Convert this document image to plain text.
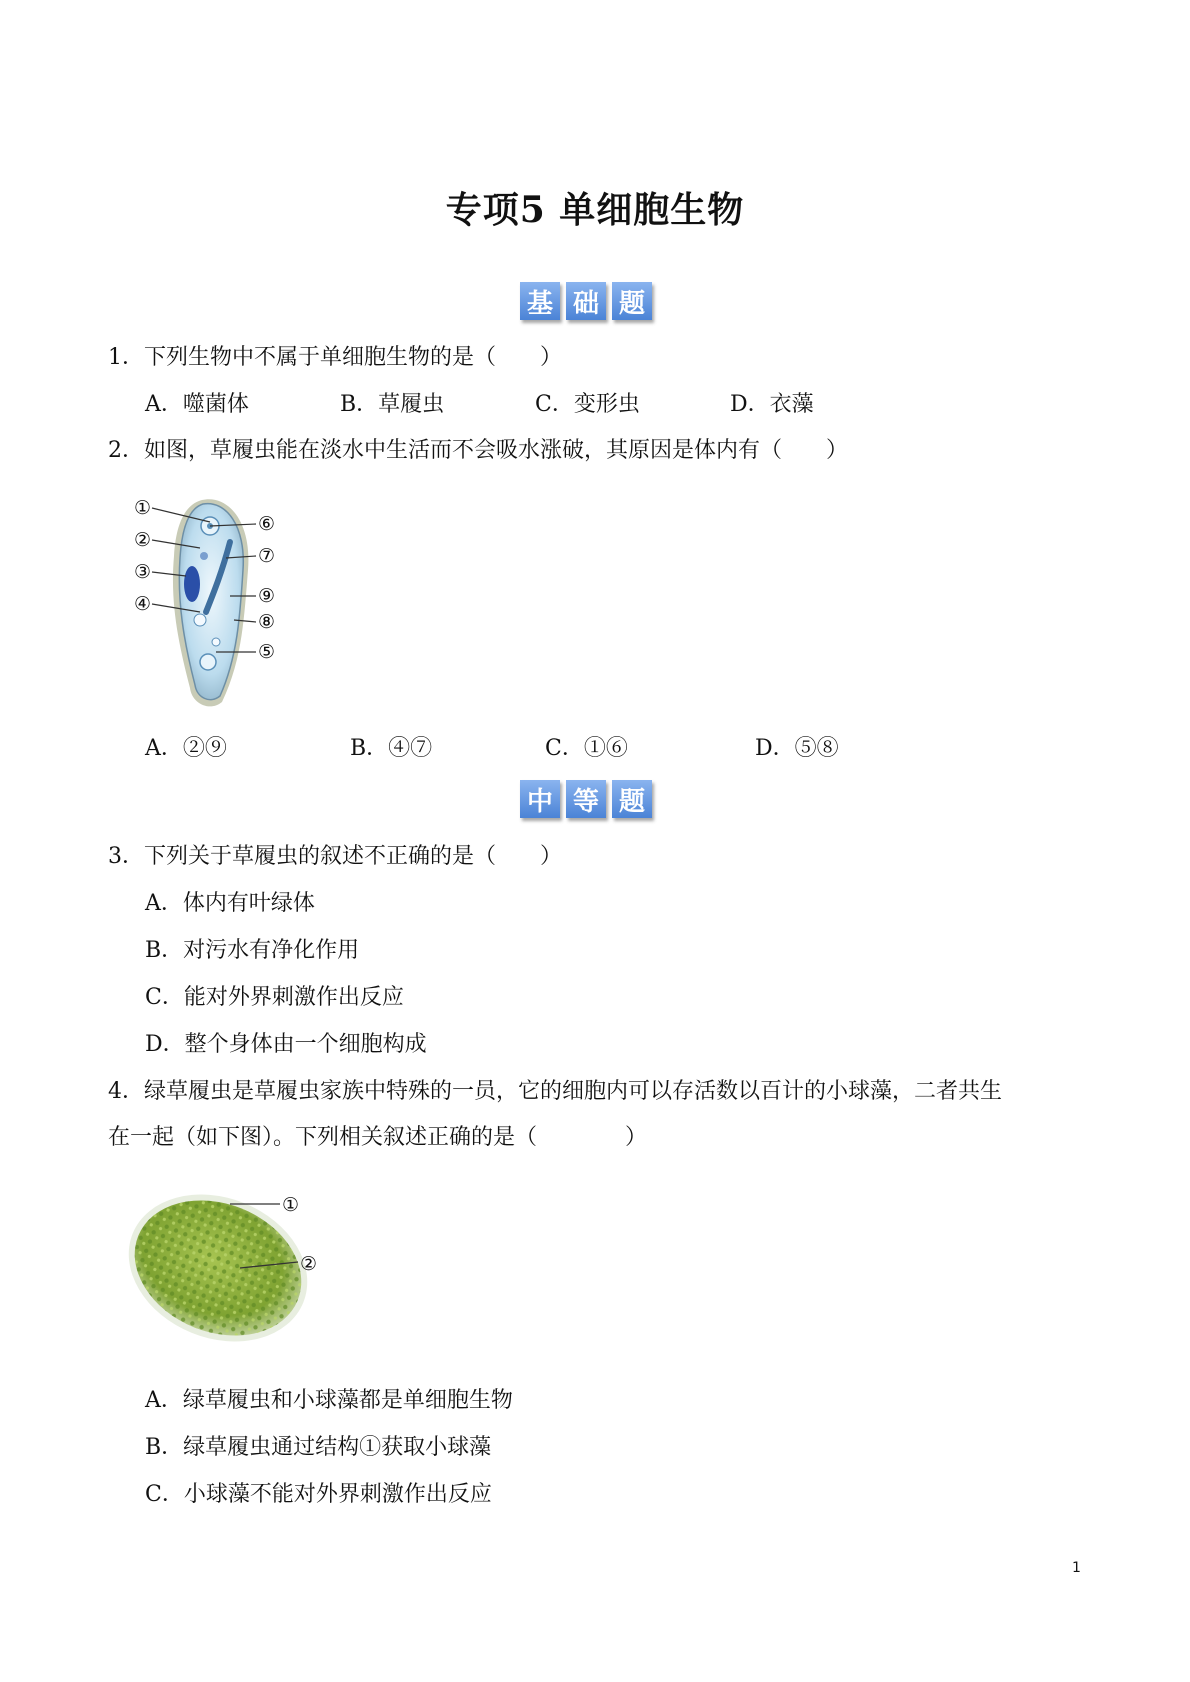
专项5 单细胞生物
基 础 题
1．下列生物中不属于单细胞生物的是（　　）
A．噬菌体	B．草履虫	C．变形虫	D．衣藻
2．如图，草履虫能在淡水中生活而不会吸水涨破，其原因是体内有（　　）
①
②
③
④
⑥
⑦
⑨
⑧
⑤
A．②⑨	B．④⑦	C．①⑥	D．⑤⑧
中 等 题
3．下列关于草履虫的叙述不正确的是（　　）
A．体内有叶绿体
B．对污水有净化作用
C．能对外界刺激作出反应
D．整个身体由一个细胞构成
4．绿草履虫是草履虫家族中特殊的一员，它的细胞内可以存活数以百计的小球藻，二者共生
在一起（如下图）。下列相关叙述正确的是（　　　　）
①
②
A．绿草履虫和小球藻都是单细胞生物
B．绿草履虫通过结构①获取小球藻
C．小球藻不能对外界刺激作出反应
1
